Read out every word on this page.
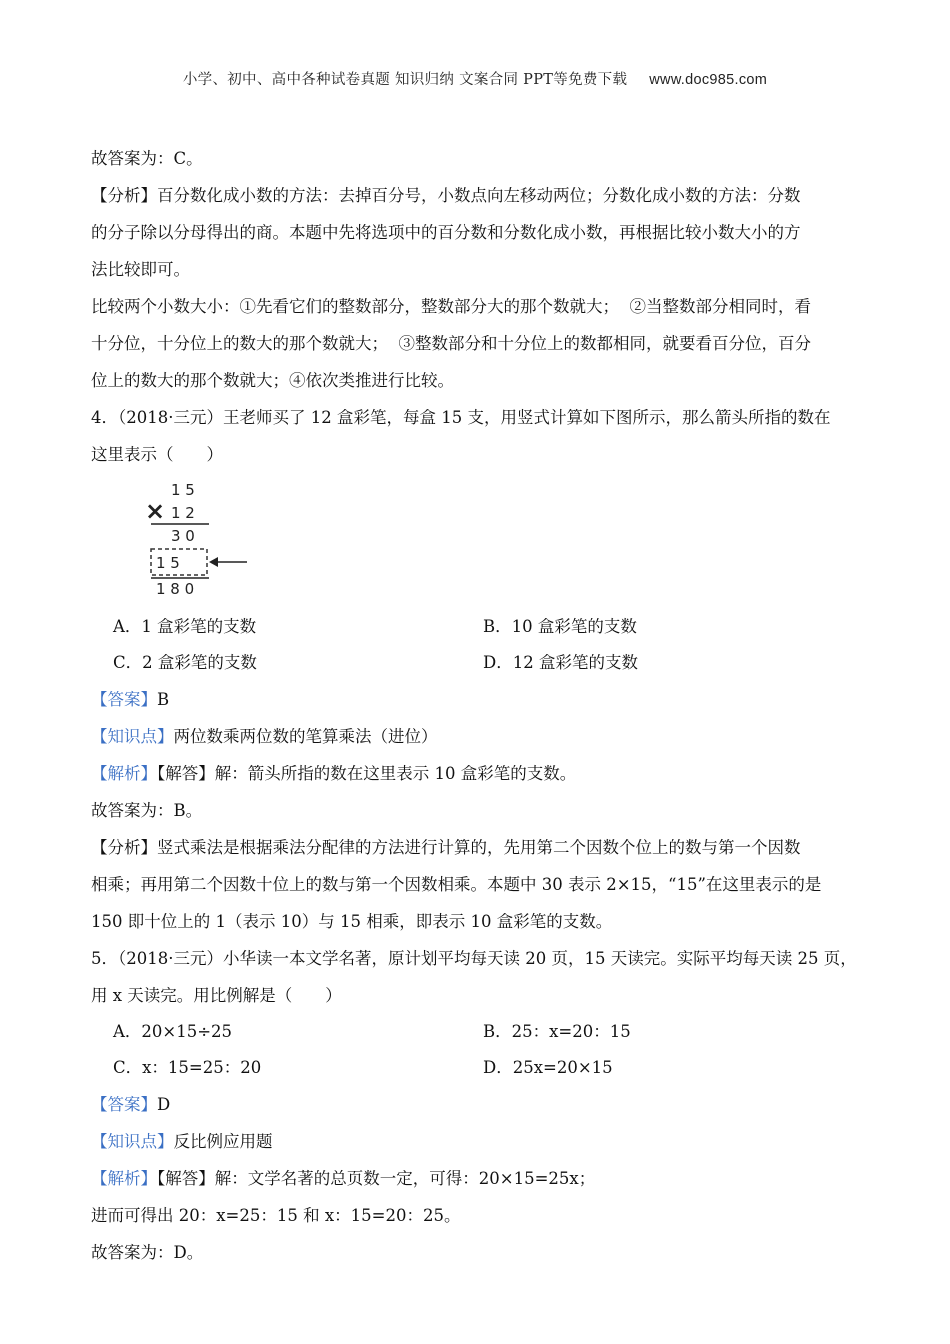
小学、初中、高中各种试卷真题 知识归纳 文案合同 PPT等免费下载 www.doc985.com

故答案为：C。

【分析】百分数化成小数的方法：去掉百分号，小数点向左移动两位；分数化成小数的方法：分数

的分子除以分母得出的商。本题中先将选项中的百分数和分数化成小数，再根据比较小数大小的方

法比较即可。

比较两个小数大小：①先看它们的整数部分，整数部分大的那个数就大；  ②当整数部分相同时，看

十分位，十分位上的数大的那个数就大；  ③整数部分和十分位上的数都相同，就要看百分位，百分

位上的数大的那个数就大；④依次类推进行比较。

4．（2018·三元）王老师买了 12 盒彩笔，每盒 15 支，用竖式计算如下图所示，那么箭头所指的数在

这里表示（　　）

1 5
× 1 2
3 0
1 5
1 8 0
A．1 盒彩笔的支数	B．10 盒彩笔的支数
C．2 盒彩笔的支数	D．12 盒彩笔的支数

【答案】B

【知识点】两位数乘两位数的笔算乘法（进位）

【解析】【解答】解：箭头所指的数在这里表示 10 盒彩笔的支数。

故答案为：B。

【分析】竖式乘法是根据乘法分配律的方法进行计算的，先用第二个因数个位上的数与第一个因数

相乘；再用第二个因数十位上的数与第一个因数相乘。本题中 30 表示 2×15，“15”在这里表示的是

150 即十位上的 1（表示 10）与 15 相乘，即表示 10 盒彩笔的支数。

5．（2018·三元）小华读一本文学名著，原计划平均每天读 20 页，15 天读完。实际平均每天读 25 页，

用 x 天读完。用比例解是（　　）

A．20×15÷25	B．25：x=20：15
C．x：15=25：20	D．25x=20×15

【答案】D

【知识点】反比例应用题

【解析】【解答】解：文学名著的总页数一定，可得：20×15=25x；

进而可得出 20：x=25：15 和 x：15=20：25。

故答案为：D。
